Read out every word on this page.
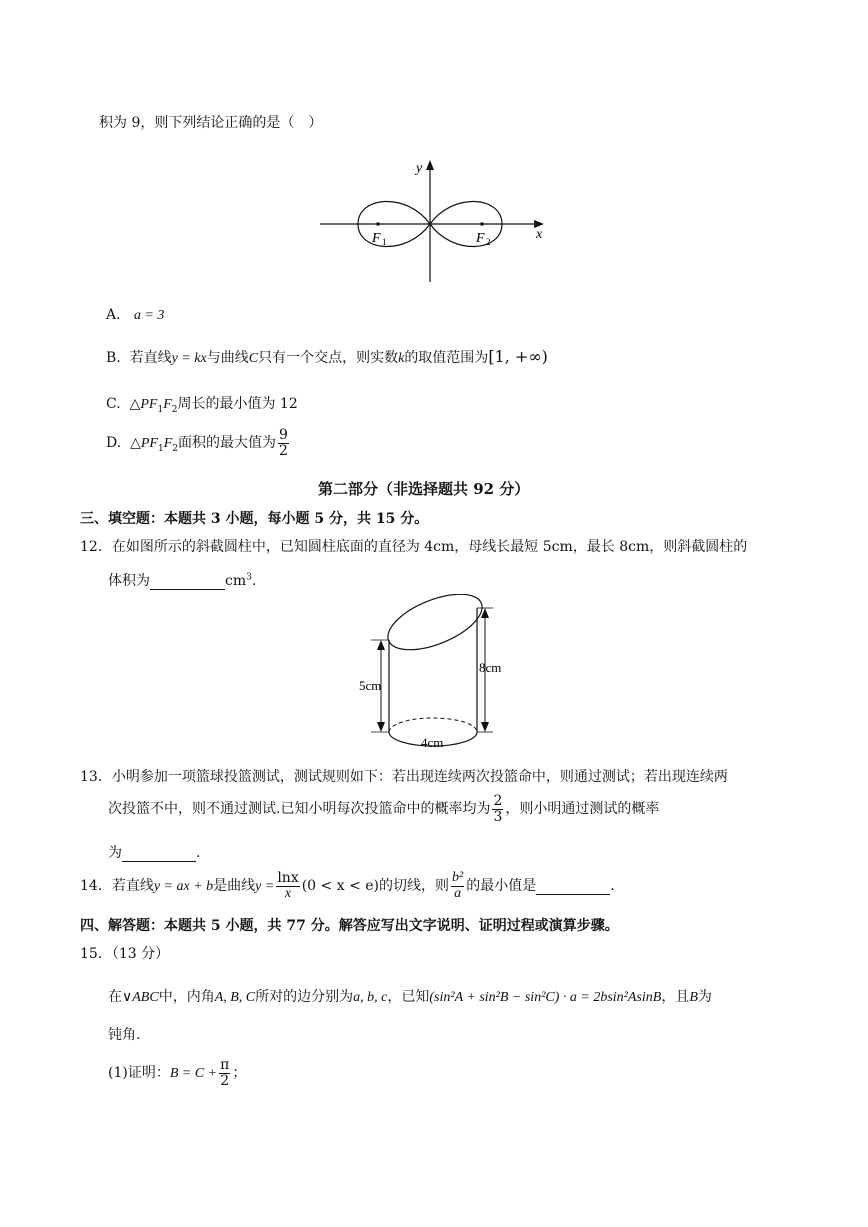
积为 9，则下列结论正确的是（　）
y
x
F 1	F 2
A. a = 3
B. 若直线y = kx与曲线C只有一个交点，则实数k的取值范围为[1, +∞)
C. $\triangle PF_1F_2$周长的最小值为 12
D. $\triangle PF_1F_2$面积的最大值为 $\frac{9}{2}$
第二部分（非选择题共 92 分）
三、填空题：本题共 3 小题，每小题 5 分，共 15 分。
12．在如图所示的斜截圆柱中，已知圆柱底面的直径为 4cm，母线长最短 5cm，最长 8cm，则斜截圆柱的
体积为	$cm^3$.
5cm
8cm
4cm
13．小明参加一项篮球投篮测试，测试规则如下：若出现连续两次投篮命中，则通过测试；若出现连续两
次投篮不中，则不通过测试.已知小明每次投篮命中的概率均为 $\frac{2}{3}$ ，则小明通过测试的概率
为	.
14．若直线y = ax + b是曲线$y = \frac{\ln x}{x} (0 < x < e)$的切线，则 $\frac{\text{b²}}{a}$ 的最小值是	.
四、解答题：本题共 5 小题，共 77 分。解答应写出文字说明、证明过程或演算步骤。
15．（13 分）
在∨ABC中，内角A, B, C所对的边分别为a, b, c，已知(sin²A + sin²B − sin²C) · a = 2bsin²AsinB，且B为
钝角.
(1)证明：$B = C + \frac{\pi}{2}$ ；
